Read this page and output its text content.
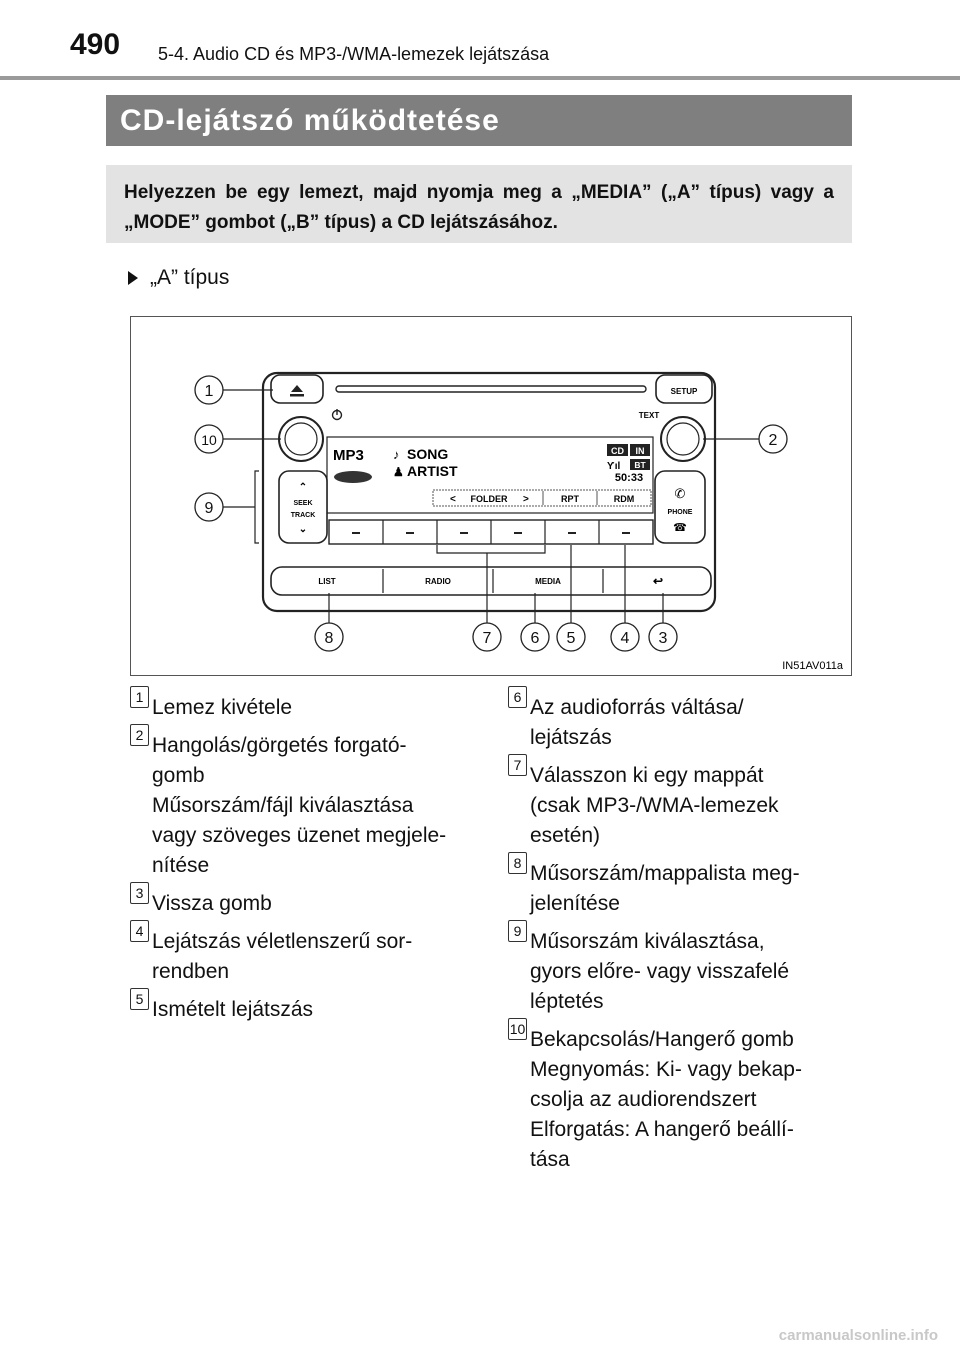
490 5-4. Audio CD és MP3-/WMA-lemezek lejátszása
CD-lejátszó működtetése
Helyezzen be egy lemezt, majd nyomja meg a „MEDIA” („A” típus) vagy a „MODE” gombot („B” típus) a CD lejátszásához.
„A” típus
SETUP
TEXT
MP3 ♪ SONG
♟ ARTIST
CD IN
Ƴıl BT
50:33
< FOLDER >	RPT	RDM
⌃
SEEK
TRACK
⌄
✆
PHONE
☎
LIST	RADIO	MEDIA	↩
1
2
3
4
5
6
7
8
9
10
IN51AV011a
1 Lemez kivétele
2 Hangolás/görgetés forgató-
gomb
Műsorszám/fájl kiválasztása
vagy szöveges üzenet megjele-
nítése
3 Vissza gomb
4 Lejátszás véletlenszerű sor-
rendben
5 Ismételt lejátszás
6 Az audioforrás váltása/
lejátszás
7 Válasszon ki egy mappát
(csak MP3-/WMA-lemezek
esetén)
8 Műsorszám/mappalista meg-
jelenítése
9 Műsorszám kiválasztása,
gyors előre- vagy visszafelé
léptetés
10 Bekapcsolás/Hangerő gomb
Megnyomás: Ki- vagy bekap-
csolja az audiorendszert
Elforgatás: A hangerő beállí-
tása
carmanualsonline.info
